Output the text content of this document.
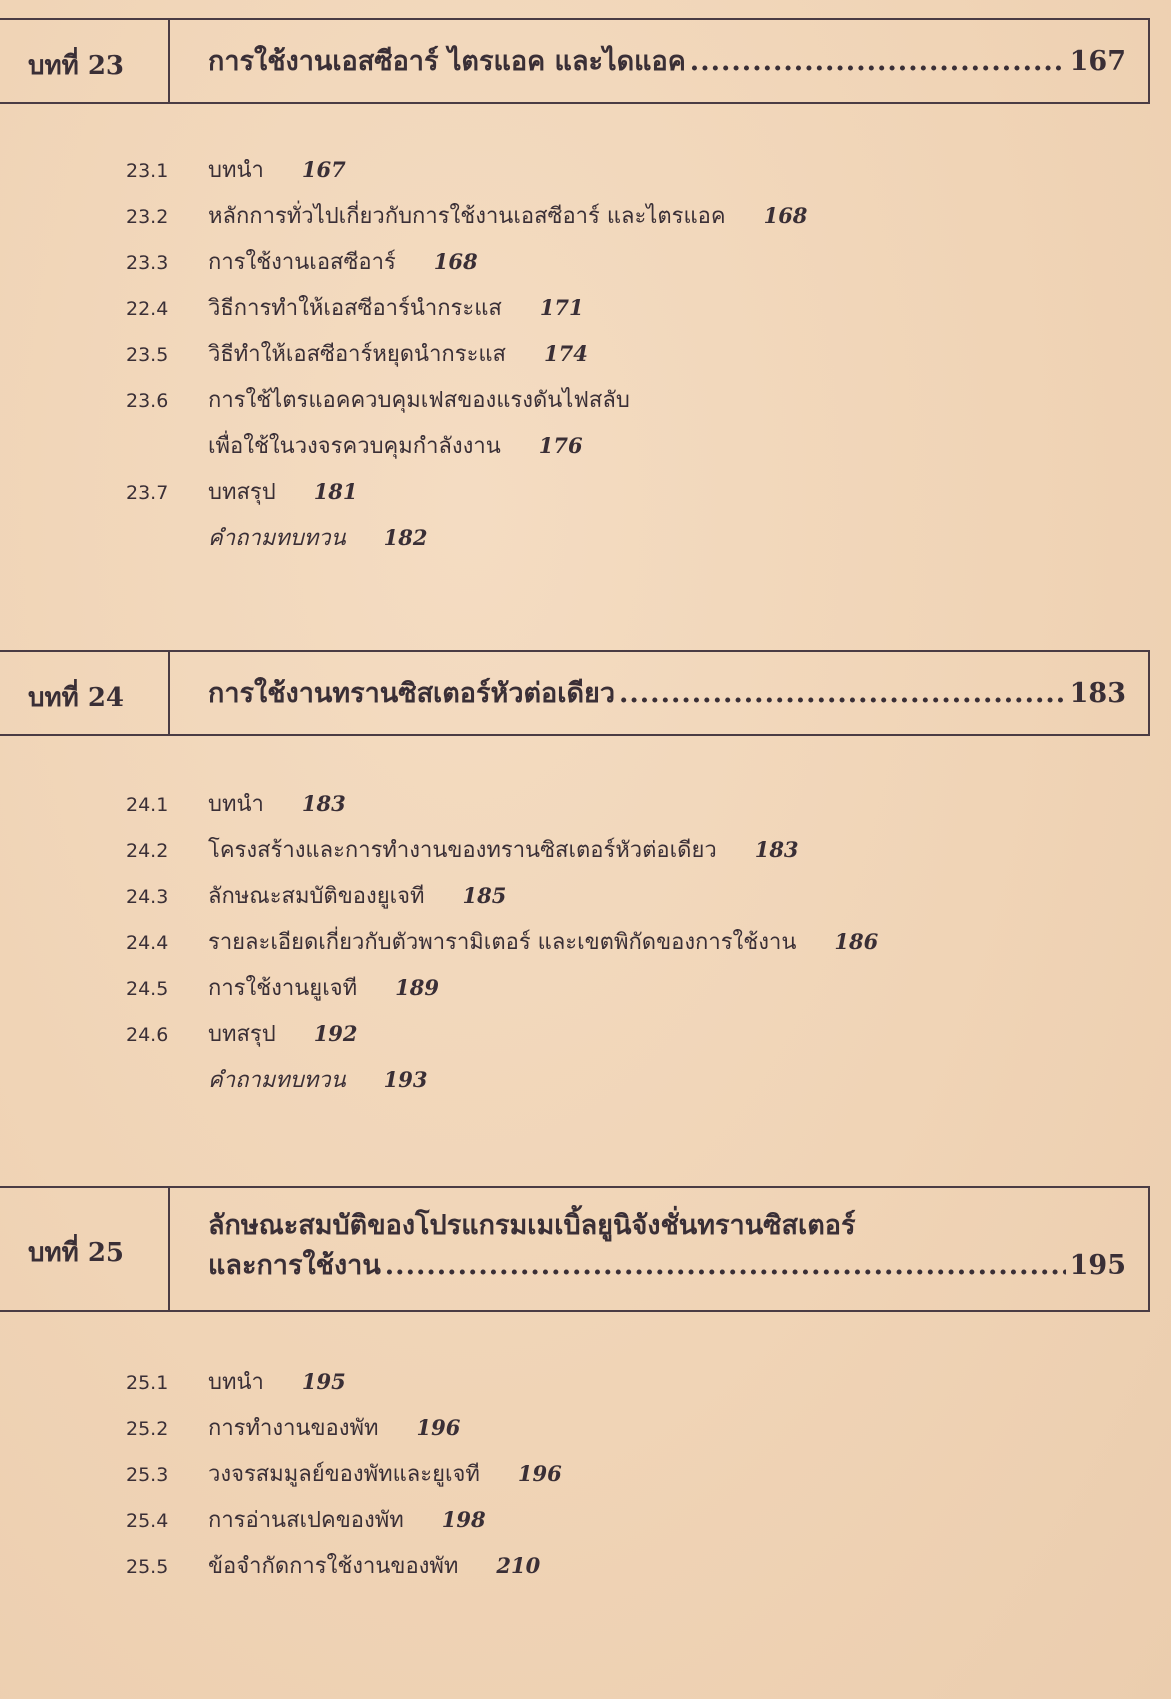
บทที่ 23	การใช้งานเอสซีอาร์ ไตรแอค และไดแอค .....	167
23.1	บทนำ 167
23.2	หลักการทั่วไปเกี่ยวกับการใช้งานเอสซีอาร์ และไตรแอค 168
23.3	การใช้งานเอสซีอาร์ 168
22.4	วิธีการทำให้เอสซีอาร์นำกระแส 171
23.5	วิธีทำให้เอสซีอาร์หยุดนำกระแส 174
23.6	การใช้ไตรแอคควบคุมเฟสของแรงดันไฟสลับ
เพื่อใช้ในวงจรควบคุมกำลังงาน 176
23.7	บทสรุป 181
คำถามทบทวน 182
บทที่ 24	การใช้งานทรานซิสเตอร์หัวต่อเดียว .....	183
24.1	บทนำ 183
24.2	โครงสร้างและการทำงานของทรานซิสเตอร์หัวต่อเดียว 183
24.3	ลักษณะสมบัติของยูเจที 185
24.4	รายละเอียดเกี่ยวกับตัวพารามิเตอร์ และเขตพิกัดของการใช้งาน 186
24.5	การใช้งานยูเจที 189
24.6	บทสรุป 192
คำถามทบทวน 193
บทที่ 25
ลักษณะสมบัติของโปรแกรมเมเบิ้ลยูนิจังชั่นทรานซิสเตอร์
และการใช้งาน .....	195
25.1	บทนำ 195
25.2	การทำงานของพัท 196
25.3	วงจรสมมูลย์ของพัทและยูเจที 196
25.4	การอ่านสเปคของพัท 198
25.5	ข้อจำกัดการใช้งานของพัท 210
